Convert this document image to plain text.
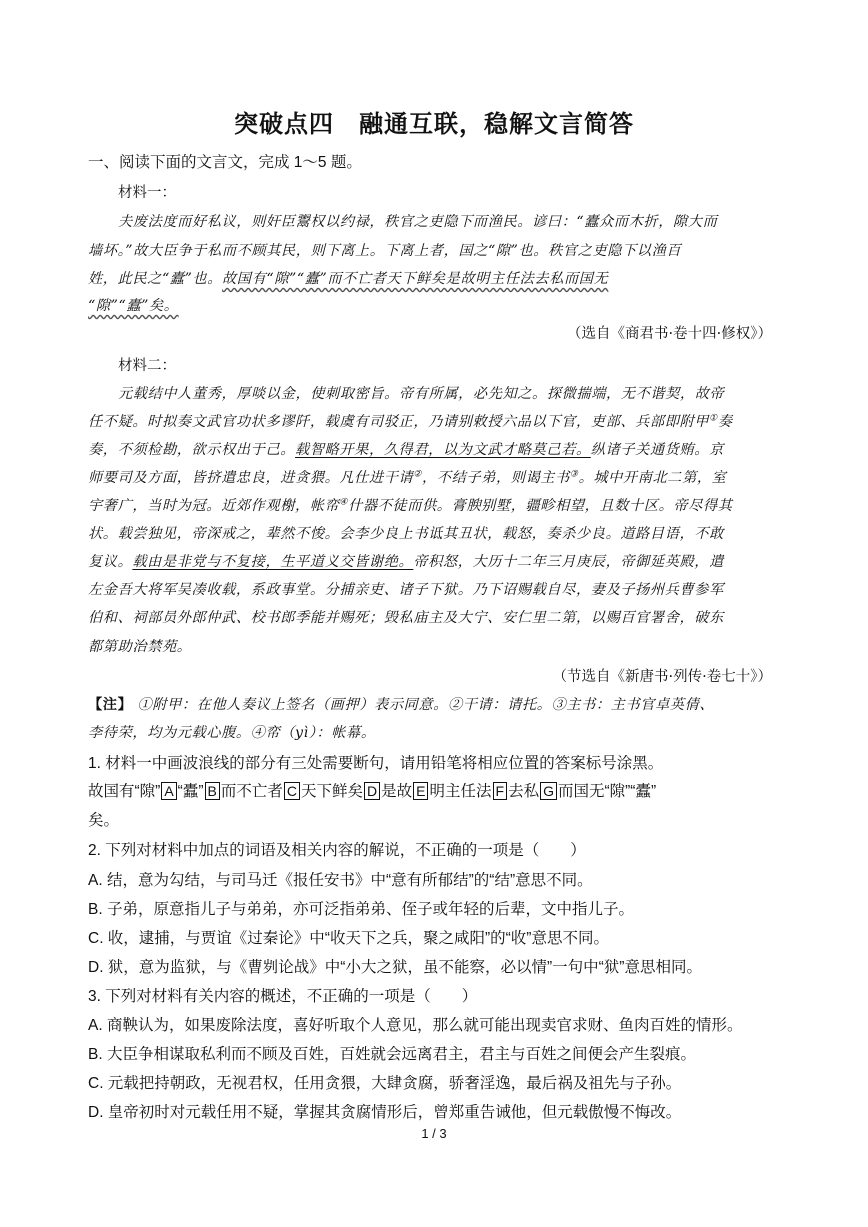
突破点四　融通互联，稳解文言简答
一、阅读下面的文言文，完成 1～5 题。
材料一：
夫废法度而好私议，则奸臣鬻权以约禄，秩官之吏隐下而渔民。谚曰：“蠹众而木折，隙大而
墙坏。”故大臣争于私而不顾其民，则下离上。下离上者，国之“隙”也。秩官之吏隐下以渔百
姓，此民之“蠹”也。故国有“隙”“蠹”而不亡者天下鲜矣是故明主任法去私而国无
“隙”“蠹”矣。
（选自《商君书·卷十四·修权》）
材料二：
元载结中人董秀，厚啖以金，使刺取密旨。帝有所属，必先知之。探微揣端，无不谐契，故帝
任不疑。时拟奏文武官功状多谬阡，载虞有司驳正，乃请别敕授六品以下官，吏部、兵部即附甲①奏
奏，不须检勘，欲示权出于己。载智略开果，久得君，以为文武才略莫己若。纵诸子关通货贿。京
师要司及方面，皆挤遣忠良，进贪猥。凡仕进干请②，不结子弟，则谒主书③。城中开南北二第，室
宇奢广，当时为冠。近郊作观榭，帐帟④什器不徒而供。膏腴别墅，疆畛相望，且数十区。帝尽得其
状。载尝独见，帝深戒之，辈然不悛。会李少良上书诋其丑状，载怒，奏杀少良。道路目语，不敢
复议。载由是非党与不复接，生平道义交皆谢绝。帝积怒，大历十二年三月庚辰，帝御延英殿，遣
左金吾大将军吴凑收载，系政事堂。分捕亲吏、诸子下狱。乃下诏赐载自尽，妻及子扬州兵曹参军
伯和、祠部员外郎仲武、校书郎季能并赐死；毁私庙主及大宁、安仁里二第，以赐百官署舍，破东
都第助治禁苑。
（节选自《新唐书·列传·卷七十》）
【注】 ①附甲：在他人奏议上签名（画押）表示同意。②干请：请托。③主书：主书官卓英倩、
李待荣，均为元载心腹。④帟（yì）：帐幕。
1. 材料一中画波浪线的部分有三处需要断句，请用铅笔将相应位置的答案标号涂黑。
故国有“隙” A “蠹” B 而不亡者 C 天下鲜矣 D 是故 E 明主任法 F 去私 G 而国无“隙”“蠹”
矣。
2. 下列对材料中加点的词语及相关内容的解说，不正确的一项是（　　）
A. 结，意为勾结，与司马迁《报任安书》中“意有所郁结”的“结”意思不同。
B. 子弟，原意指儿子与弟弟，亦可泛指弟弟、侄子或年轻的后辈，文中指儿子。
C. 收，逮捕，与贾谊《过秦论》中“收天下之兵，聚之咸阳”的“收”意思不同。
D. 狱，意为监狱，与《曹刿论战》中“小大之狱，虽不能察，必以情”一句中“狱”意思相同。
3. 下列对材料有关内容的概述，不正确的一项是（　　）
A. 商鞅认为，如果废除法度，喜好听取个人意见，那么就可能出现卖官求财、鱼肉百姓的情形。
B. 大臣争相谋取私利而不顾及百姓，百姓就会远离君主，君主与百姓之间便会产生裂痕。
C. 元载把持朝政，无视君权，任用贪猥，大肆贪腐，骄奢淫逸，最后祸及祖先与子孙。
D. 皇帝初时对元载任用不疑，掌握其贪腐情形后，曾郑重告诫他，但元载傲慢不悔改。
1 / 3
